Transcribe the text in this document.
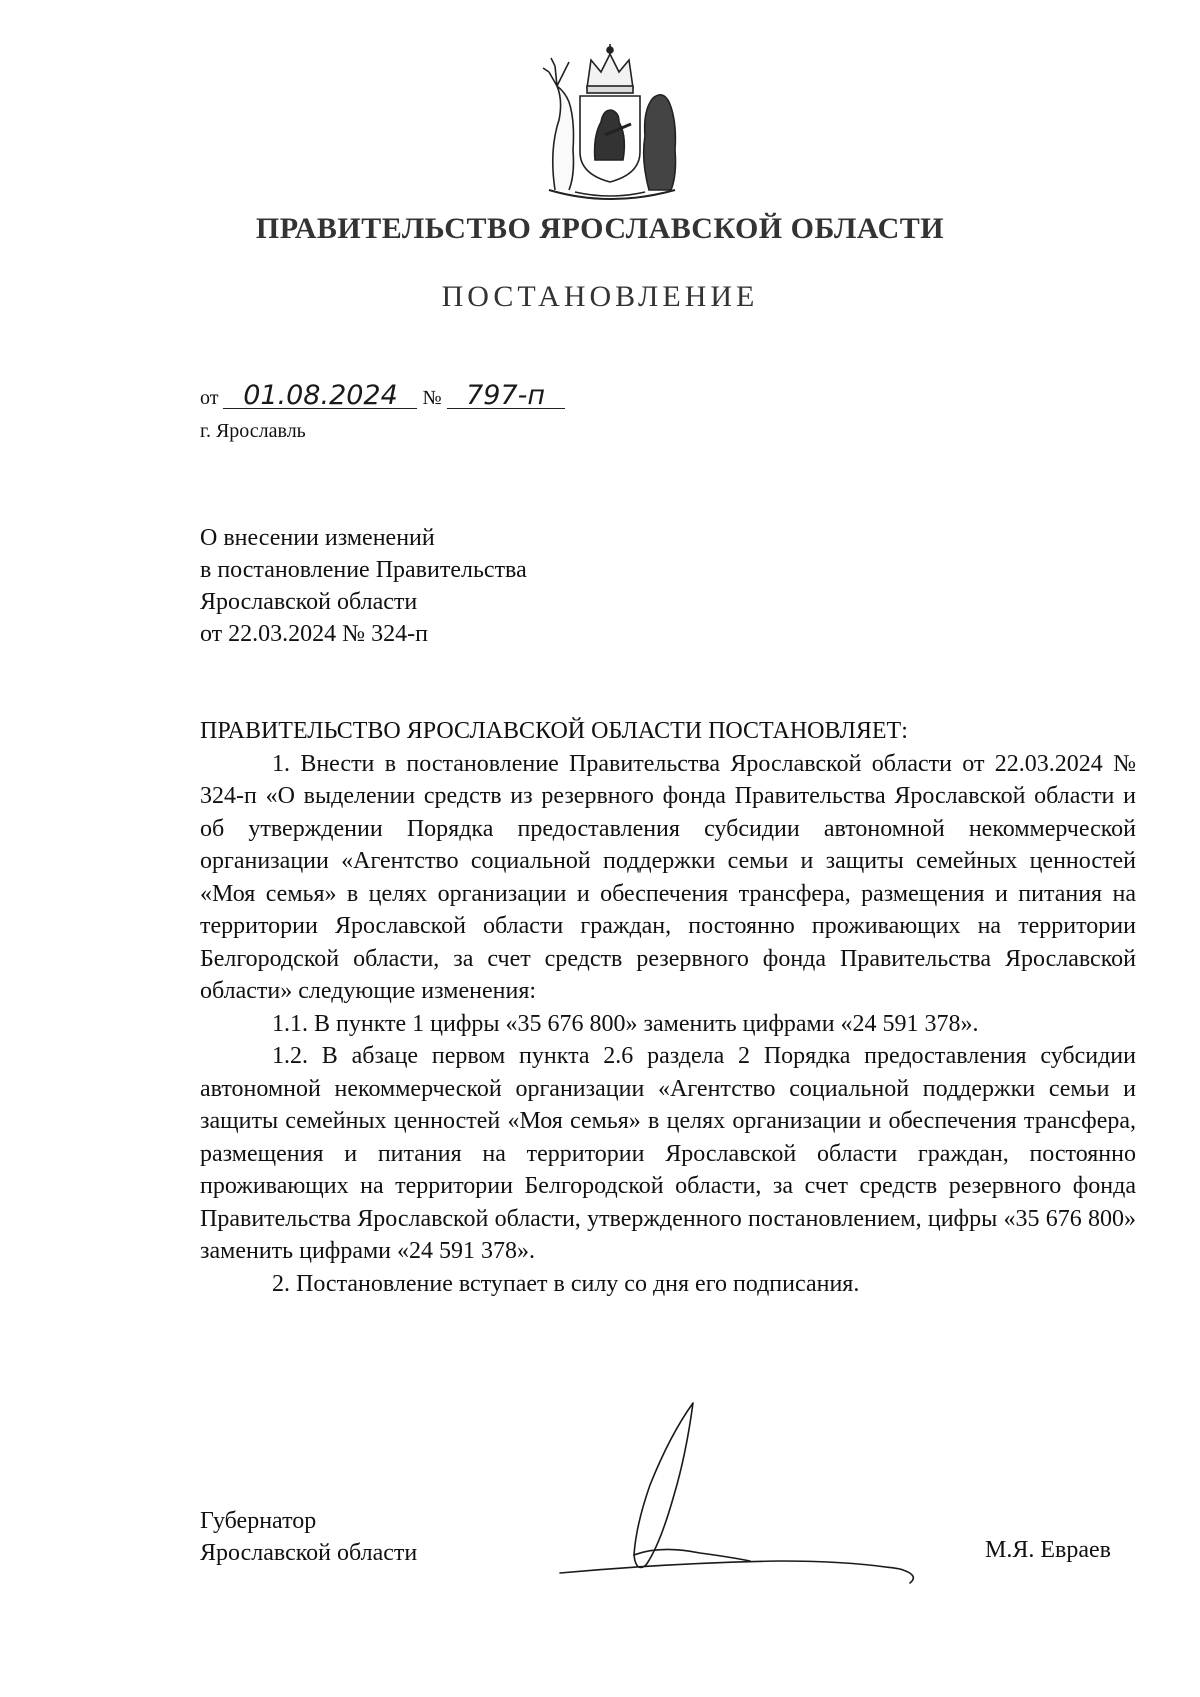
ПРАВИТЕЛЬСТВО ЯРОСЛАВСКОЙ ОБЛАСТИ
ПОСТАНОВЛЕНИЕ
от 01.08.2024 № 797-п
г. Ярославль
О внесении изменений
в постановление Правительства
Ярославской области
от 22.03.2024 № 324-п

ПРАВИТЕЛЬСТВО ЯРОСЛАВСКОЙ ОБЛАСТИ ПОСТАНОВЛЯЕТ:

1. Внести в постановление Правительства Ярославской области от 22.03.2024 № 324-п «О выделении средств из резервного фонда Правительства Ярославской области и об утверждении Порядка предоставления субсидии автономной некоммерческой организации «Агентство социальной поддержки семьи и защиты семейных ценностей «Моя семья» в целях организации и обеспечения трансфера, размещения и питания на территории Ярославской области граждан, постоянно проживающих на территории Белгородской области, за счет средств резервного фонда Правительства Ярославской области» следующие изменения:

1.1. В пункте 1 цифры «35 676 800» заменить цифрами «24 591 378».

1.2. В абзаце первом пункта 2.6 раздела 2 Порядка предоставления субсидии автономной некоммерческой организации «Агентство социальной поддержки семьи и защиты семейных ценностей «Моя семья» в целях организации и обеспечения трансфера, размещения и питания на территории Ярославской области граждан, постоянно проживающих на территории Белгородской области, за счет средств резервного фонда Правительства Ярославской области, утвержденного постановлением, цифры «35 676 800» заменить цифрами «24 591 378».

2. Постановление вступает в силу со дня его подписания.

Губернатор
Ярославской области	М.Я. Евраев
